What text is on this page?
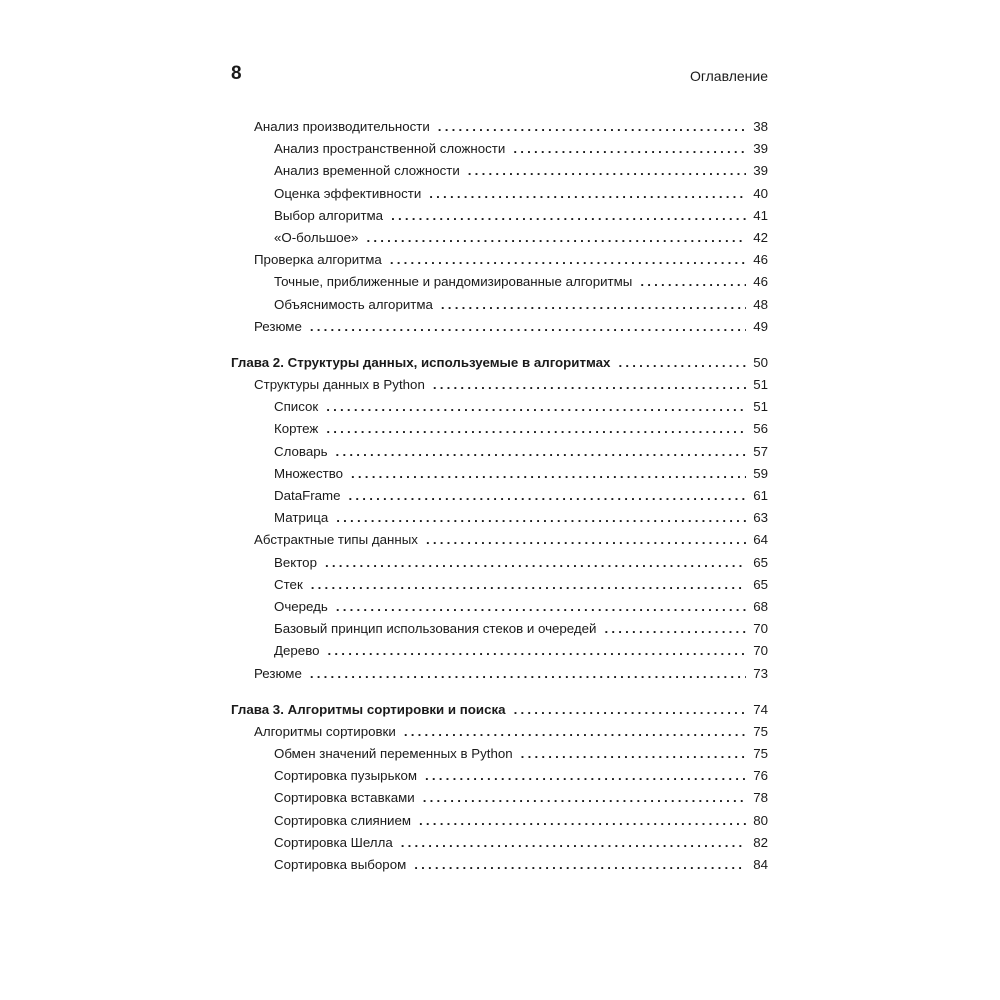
8	Оглавление
Анализ производительности .....	38
Анализ пространственной сложности .....	39
Анализ временной сложности .....	39
Оценка эффективности .....	40
Выбор алгоритма .....	41
«О-большое» .....	42
Проверка алгоритма .....	46
Точные, приближенные и рандомизированные алгоритмы .....	46
Объяснимость алгоритма .....	48
Резюме .....	49
Глава 2. Структуры данных, используемые в алгоритмах .....	50
Структуры данных в Python .....	51
Список .....	51
Кортеж .....	56
Словарь .....	57
Множество .....	59
DataFrame .....	61
Матрица .....	63
Абстрактные типы данных .....	64
Вектор .....	65
Стек .....	65
Очередь .....	68
Базовый принцип использования стеков и очередей .....	70
Дерево .....	70
Резюме .....	73
Глава 3. Алгоритмы сортировки и поиска .....	74
Алгоритмы сортировки .....	75
Обмен значений переменных в Python .....	75
Сортировка пузырьком .....	76
Сортировка вставками .....	78
Сортировка слиянием .....	80
Сортировка Шелла .....	82
Сортировка выбором .....	84
